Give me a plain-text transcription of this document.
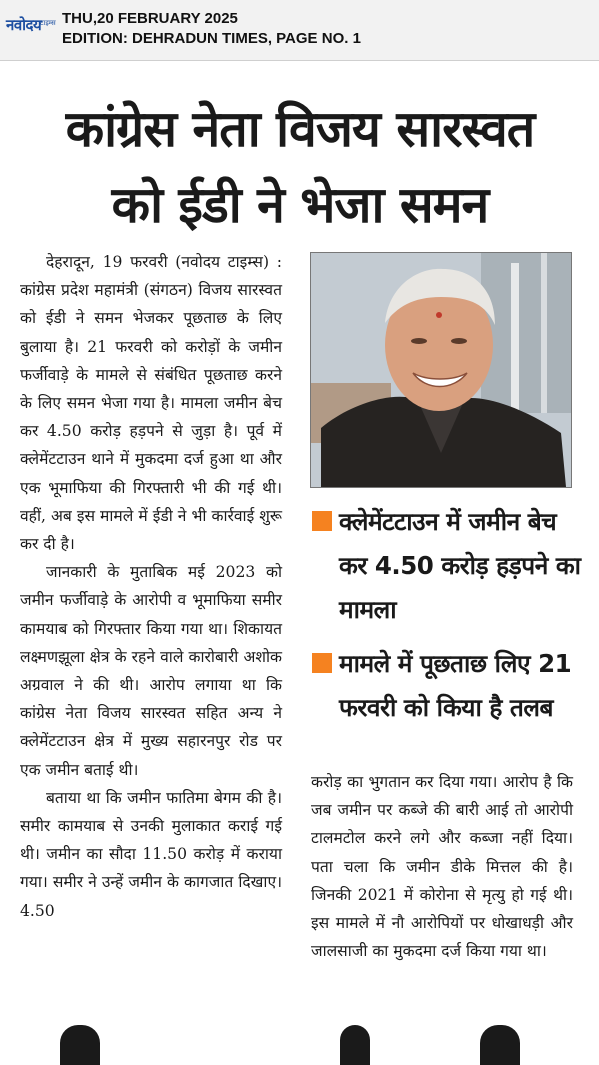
नवोदय
टाइम्स THU,20 FEBRUARY 2025
EDITION: DEHRADUN TIMES, PAGE NO. 1
कांग्रेस नेता विजय सारस्वत
को ईडी ने भेजा समन

देहरादून, 19 फरवरी (नवोदय टाइम्स) : कांग्रेस प्रदेश महामंत्री (संगठन) विजय सारस्वत को ईडी ने समन भेजकर पूछताछ के लिए बुलाया है। 21 फरवरी को करोड़ों के जमीन फर्जीवाड़े के मामले से संबंधित पूछताछ करने के लिए समन भेजा गया है। मामला जमीन बेच कर 4.50 करोड़ हड़पने से जुड़ा है। पूर्व में क्लेमेंटटाउन थाने में मुकदमा दर्ज हुआ था और एक भूमाफिया की गिरफ्तारी भी की गई थी। वहीं, अब इस मामले में ईडी ने भी कार्रवाई शुरू कर दी है।

जानकारी के मुताबिक मई 2023 को जमीन फर्जीवाड़े के आरोपी व भूमाफिया समीर कामयाब को गिरफ्तार किया गया था। शिकायत लक्ष्मणझूला क्षेत्र के रहने वाले कारोबारी अशोक अग्रवाल ने की थी। आरोप लगाया था कि कांग्रेस नेता विजय सारस्वत सहित अन्य ने क्लेमेंटटाउन क्षेत्र में मुख्य सहारनपुर रोड पर एक जमीन बताई थी।

बताया था कि जमीन फातिमा बेगम की है। समीर कामयाब से उनकी मुलाकात कराई गई थी। जमीन का सौदा 11.50 करोड़ में कराया गया। समीर ने उन्हें जमीन के कागजात दिखाए। 4.50

क्लेमेंटटाउन में जमीन बेच कर 4.50 करोड़ हड़पने का मामला
मामले में पूछताछ लिए 21 फरवरी को किया है तलब

करोड़ का भुगतान कर दिया गया। आरोप है कि जब जमीन पर कब्जे की बारी आई तो आरोपी टालमटोल करने लगे और कब्जा नहीं दिया। पता चला कि जमीन डीके मित्तल की है। जिनकी 2021 में कोरोना से मृत्यु हो गई थी। इस मामले में नौ आरोपियों पर धोखाधड़ी और जालसाजी का मुकदमा दर्ज किया गया था।
